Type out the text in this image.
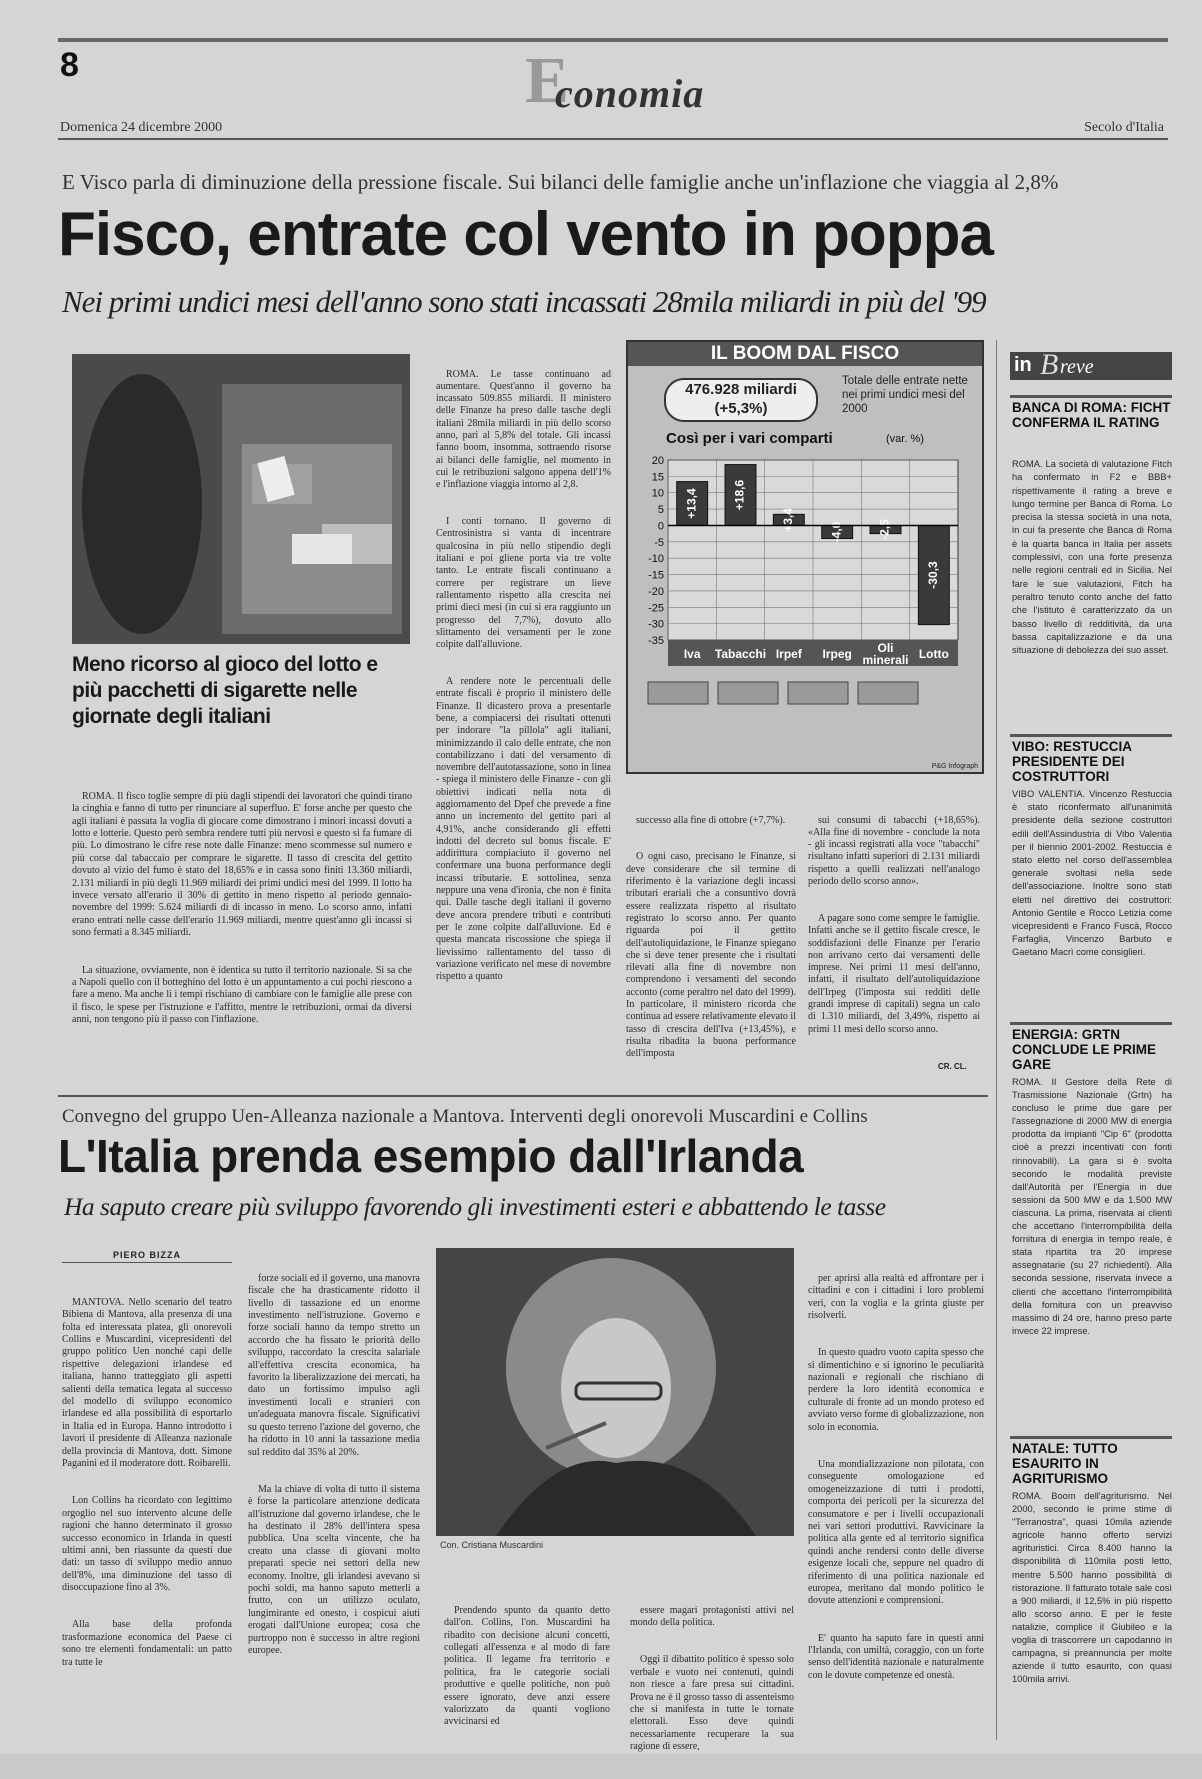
8	E
conomia
Domenica 24 dicembre 2000	Secolo d'Italia
E Visco parla di diminuzione della pressione fiscale. Sui bilanci delle famiglie anche un'inflazione che viaggia al 2,8%
Fisco, entrate col vento in poppa
Nei primi undici mesi dell'anno sono stati incassati 28mila miliardi in più del '99
Meno ricorso al gioco del lotto e più pacchetti di sigarette nelle giornate degli italiani

ROMA. Il fisco toglie sempre di più dagli stipendi dei lavoratori che quindi tirano la cinghia e fanno di tutto per rinunciare al superfluo. E' forse anche per questo che agli italiani è passata la voglia di giocare come dimostrano i minori incassi dovuti a lotto e lotterie. Questo però sembra rendere tutti più nervosi e questo si fa fumare di più. Lo dimostrano le cifre rese note dalle Finanze: meno scommesse sul numero e più corse dal tabaccaio per comprare le sigarette. Il tasso di crescita del gettito dovuto al vizio del fumo è stato del 18,65% e in cassa sono finiti 13.360 miliardi, 2.131 miliardi in più degli 11.969 miliardi dei primi undici mesi del 1999. Il lotto ha invece versato all'erario il 30% di gettito in meno rispetto al periodo gennaio-novembre del 1999: 5.624 miliardi di di incasso in meno. Lo scorso anno, infatti erano entrati nelle casse dell'erario 11.969 miliardi, mentre quest'anno gli incassi si sono fermati a 8.345 miliardi.

La situazione, ovviamente, non è identica su tutto il territorio nazionale. Si sa che a Napoli quello con il botteghino del lotto è un appuntamento a cui pochi riescono a fare a meno. Ma anche lì i tempi rischiano di cambiare con le famiglie alle prese con il fisco, le spese per l'istruzione e l'affitto, mentre le retribuzioni, ormai da diversi anni, non tengono più il passo con l'inflazione.

ROMA. Le tasse continuano ad aumentare. Quest'anno il governo ha incassato 509.855 miliardi. Il ministero delle Finanze ha preso dalle tasche degli italiani 28mila miliardi in più dello scorso anno, pari al 5,8% del totale. Gli incassi fanno boom, insomma, sottraendo risorse ai bilanci delle famiglie, nel momento in cui le retribuzioni salgono appena dell'1% e l'inflazione viaggia intorno al 2,8.

I conti tornano. Il governo di Centrosinistra si vanta di incentrare qualcosina in più nello stipendio degli italiani e poi gliene porta via tre volte tanto. Le entrate fiscali continuano a correre per registrare un lieve rallentamento rispetto alla crescita nei primi dieci mesi (in cui si era raggiunto un progresso del 7,7%), dovuto allo slittamento dei versamenti per le zone colpite dall'alluvione.

A rendere note le percentuali delle entrate fiscali è proprio il ministero delle Finanze. Il dicastero prova a presentarle bene, a compiacersi dei risultati ottenuti per indorare "la pillola" agli italiani, minimizzando il calo delle entrate, che non contabilizzano i dati del versamento di novembre dell'autotassazione, sono in linea - spiega il ministero delle Finanze - con gli obiettivi indicati nella nota di aggiornamento del Dpef che prevede a fine anno un incremento del gettito pari al 4,91%, anche considerando gli effetti indotti del decreto sul bonus fiscale. E' addirittura compiaciuto il governo nel confermare una buona performance degli incassi tributarie. E sottolinea, senza neppure una vena d'ironia, che non è finita qui. Dalle tasche degli italiani il governo deve ancora prendere tributi e contributi per le zone colpite dall'alluvione. Ed è questa mancata riscossione che spiega il lievissimo rallentamento del tasso di variazione verificato nel mese di novembre rispetto a quanto

IL BOOM DAL FISCO
476.928 miliardi
(+5,3%)
Totale delle entrate nette nei primi undici mesi del 2000
Così per i vari comparti	(var. %)
20
15
10
5
0
-5
-10
-15
-20
-25
-30
-35
+13,4
Iva
+18,6
Tabacchi
+3,4
Irpef
-4,0
Irpeg
-2,5
Oli minerali
-30,3
Lotto
P&G Infograph

successo alla fine di ottobre (+7,7%).

O ogni caso, precisano le Finanze, si deve considerare che sil termine di riferimento è la variazione degli incassi tributari erariali che a consuntivo dovrà essere realizzata rispetto al risultato registrato lo scorso anno. Per quanto riguarda poi il gettito dell'autoliquidazione, le Finanze spiegano che si deve tener presente che i risultati rilevati alla fine di novembre non comprendono i versamenti del secondo acconto (come peraltro nel dato del 1999). In particolare, il ministero ricorda che continua ad essere relativamente elevato il tasso di crescita dell'Iva (+13,45%), e risulta ribadita la buona performance dell'imposta

sui consumi di tabacchi (+18,65%). «Alla fine di novembre - conclude la nota - gli incassi registrati alla voce "tabacchi" risultano infatti superiori di 2.131 miliardi rispetto a quelli realizzati nell'analogo periodo dello scorso anno».

A pagare sono come sempre le famiglie. Infatti anche se il gettito fiscale cresce, le soddisfazioni delle Finanze per l'erario non arrivano certo dai versamenti delle imprese. Nei primi 11 mesi dell'anno, infatti, il risultato dell'autoliquidazione dell'Irpeg (l'imposta sui redditi delle grandi imprese di capitali) segna un calo di 1.310 miliardi, del 3,49%, rispetto ai primi 11 mesi dello scorso anno.

CR. CL.
in B reve
BANCA DI ROMA: FICHT CONFERMA IL RATING
ROMA. La società di valutazione Fitch ha confermato in F2 e BBB+ rispettivamente il rating a breve e lungo termine per Banca di Roma. Lo precisa la stessa società in una nota, in cui fa presente che Banca di Roma è la quarta banca in Italia per assets complessivi, con una forte presenza nelle regioni centrali ed in Sicilia. Nel fare le sue valutazioni, Fitch ha peraltro tenuto conto anche del fatto che l'istituto è caratterizzato da un basso livello di redditività, da una bassa capitalizzazione e da una situazione di debolezza dei suo asset.
VIBO: RESTUCCIA PRESIDENTE DEI COSTRUTTORI
VIBO VALENTIA. Vincenzo Restuccia è stato riconfermato all'unanimità presidente della sezione costruttori edili dell'Assindustria di Vibo Valentia per il biennio 2001-2002. Restuccia è stato eletto nel corso dell'assemblea generale svoltasi nella sede dell'associazione. Inoltre sono stati eletti nel direttivo dei costruttori: Antonio Gentile e Rocco Letizia come vicepresidenti e Franco Fuscà, Rocco Farfaglia, Vincenzo Barbuto e Gaetano Macrì come consiglieri.
ENERGIA: GRTN CONCLUDE LE PRIME GARE
ROMA. Il Gestore della Rete di Trasmissione Nazionale (Grtn) ha concluso le prime due gare per l'assegnazione di 2000 MW di energia prodotta da impianti "Cip 6" (prodotta cioè a prezzi incentivati con fonti rinnovabili). La gara si è svolta secondo le modalità previste dall'Autorità per l'Energia in due sessioni da 500 MW e da 1.500 MW ciascuna. La prima, riservata ai clienti che accettano l'interrompibilità della fornitura di energia in tempo reale, è stata ripartita tra 20 imprese assegnatarie (su 27 richiedenti). Alla seconda sessione, riservata invece a clienti che accettano l'interrompibilità della fornitura con un preavviso massimo di 24 ore, hanno preso parte invece 22 imprese.
NATALE: TUTTO ESAURITO IN AGRITURISMO
ROMA. Boom dell'agriturismo. Nel 2000, secondo le prime stime di "Terranostra", quasi 10mila aziende agricole hanno offerto servizi agrituristici. Circa 8.400 hanno la disponibilità di 110mila posti letto, mentre 5.500 hanno possibilità di ristorazione. Il fatturato totale sale così a 900 miliardi, il 12,5% in più rispetto allo scorso anno. E per le feste natalizie, complice il Giubileo e la voglia di trascorrere un capodanno in campagna, si preannuncia per molte aziende il tutto esaurito, con quasi 100mila arrivi.
Convegno del gruppo Uen-Alleanza nazionale a Mantova. Interventi degli onorevoli Muscardini e Collins
L'Italia prenda esempio dall'Irlanda
Ha saputo creare più sviluppo favorendo gli investimenti esteri e abbattendo le tasse
PIERO BIZZA

MANTOVA. Nello scenario del teatro Bibiena di Mantova, alla presenza di una folta ed interessata platea, gli onorevoli Collins e Muscardini, vicepresidenti del gruppo politico Uen nonché capi delle rispettive delegazioni irlandese ed italiana, hanno tratteggiato gli aspetti salienti della tematica legata al successo del modello di sviluppo economico irlandese ed alla possibilità di esportarlo in Italia ed in Europa. Hanno introdotto i lavori il presidente di Alleanza nazionale della provincia di Mantova, dott. Simone Paganini ed il moderatore dott. Roibarelli.

Lon Collins ha ricordato con legittimo orgoglio nel suo intervento alcune delle ragioni che hanno determinato il grosso successo economico in Irlanda in questi ultimi anni, ben riassunte da questi due dati: un tasso di sviluppo medio annuo dell'8%, una diminuzione del tasso di disoccupazione fino al 3%.

Alla base della profonda trasformazione economica del Paese ci sono tre elementi fondamentali: un patto tra tutte le

forze sociali ed il governo, una manovra fiscale che ha drasticamente ridotto il livello di tassazione ed un enorme investimento nell'istruzione. Governo e forze sociali hanno da tempo stretto un accordo che ha fissato le priorità dello sviluppo, raccordato la crescita salariale all'effettiva crescita economica, ha favorito la liberalizzazione dei mercati, ha dato un fortissimo impulso agli investimenti locali e stranieri con un'adeguata manovra fiscale. Significativi su questo terreno l'azione del governo, che ha ridotto in 10 anni la tassazione media sul reddito dal 35% al 20%.

Ma la chiave di volta di tutto il sistema è forse la particolare attenzione dedicata all'istruzione dal governo irlandese, che le ha destinato il 28% dell'intera spesa pubblica. Una scelta vincente, che ha creato una classe di giovani molto preparati specie nei settori della new economy. Inoltre, gli irlandesi avevano sì pochi soldi, ma hanno saputo metterli a frutto, con un utilizzo oculato, lungimirante ed onesto, i cospicui aiuti erogati dall'Unione europea; cosa che purtroppo non è successo in altre regioni europee.

Con. Cristiana Muscardini

Prendendo spunto da quanto detto dall'on. Collins, l'on. Muscardini ha ribadito con decisione alcuni concetti, collegati all'essenza e al modo di fare politica. Il legame fra territorio e politica, fra le categorie sociali produttive e quelle politiche, non può essere ignorato, deve anzi essere valorizzato da quanti vogliono avvicinarsi ed

essere magari protagonisti attivi nel mondo della politica.

Oggi il dibattito politico è spesso solo verbale e vuoto nei contenuti, quindi non riesce a fare presa sui cittadini. Prova ne è il grosso tasso di assenteismo che si manifesta in tutte le tornate elettorali. Esso deve quindi necessariamente recuperare la sua ragione di essere,

per aprirsi alla realtà ed affrontare per i cittadini e con i cittadini i loro problemi veri, con la voglia e la grinta giuste per risolverli.

In questo quadro vuoto capita spesso che si dimentichino e si ignorino le peculiarità nazionali e regionali che rischiano di perdere la loro identità economica e culturale di fronte ad un mondo proteso ed avviato verso forme di globalizzazione, non solo in economia.

Una mondializzazione non pilotata, con conseguente omologazione ed omogeneizzazione di tutti i prodotti, comporta dei pericoli per la sicurezza del consumatore e per i livelli occupazionali nei vari settori produttivi. Ravvicinare la politica alla gente ed al territorio significa quindi anche rendersi conto delle diverse esigenze locali che, seppure nel quadro di riferimento di una politica nazionale ed europea, meritano dal mondo politico le dovute attenzioni e comprensioni.

E' quanto ha saputo fare in questi anni l'Irlanda, con umiltà, coraggio, con un forte senso dell'identità nazionale e naturalmente con le dovute competenze ed onestà.
